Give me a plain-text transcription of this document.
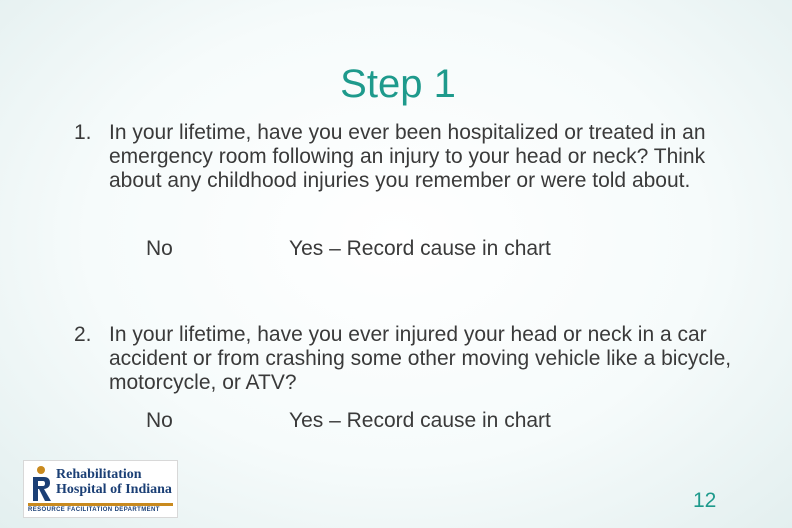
Step 1
1. In your lifetime, have you ever been hospitalized or treated in an emergency room following an injury to your head or neck? Think about any childhood injuries you remember or were told about.
No	Yes – Record cause in chart
2. In your lifetime, have you ever injured your head or neck in a car accident or from crashing some other moving vehicle like a bicycle, motorcycle, or ATV?
No	Yes – Record cause in chart
Rehabilitation
Hospital of Indiana
RESOURCE FACILITATION DEPARTMENT	12
